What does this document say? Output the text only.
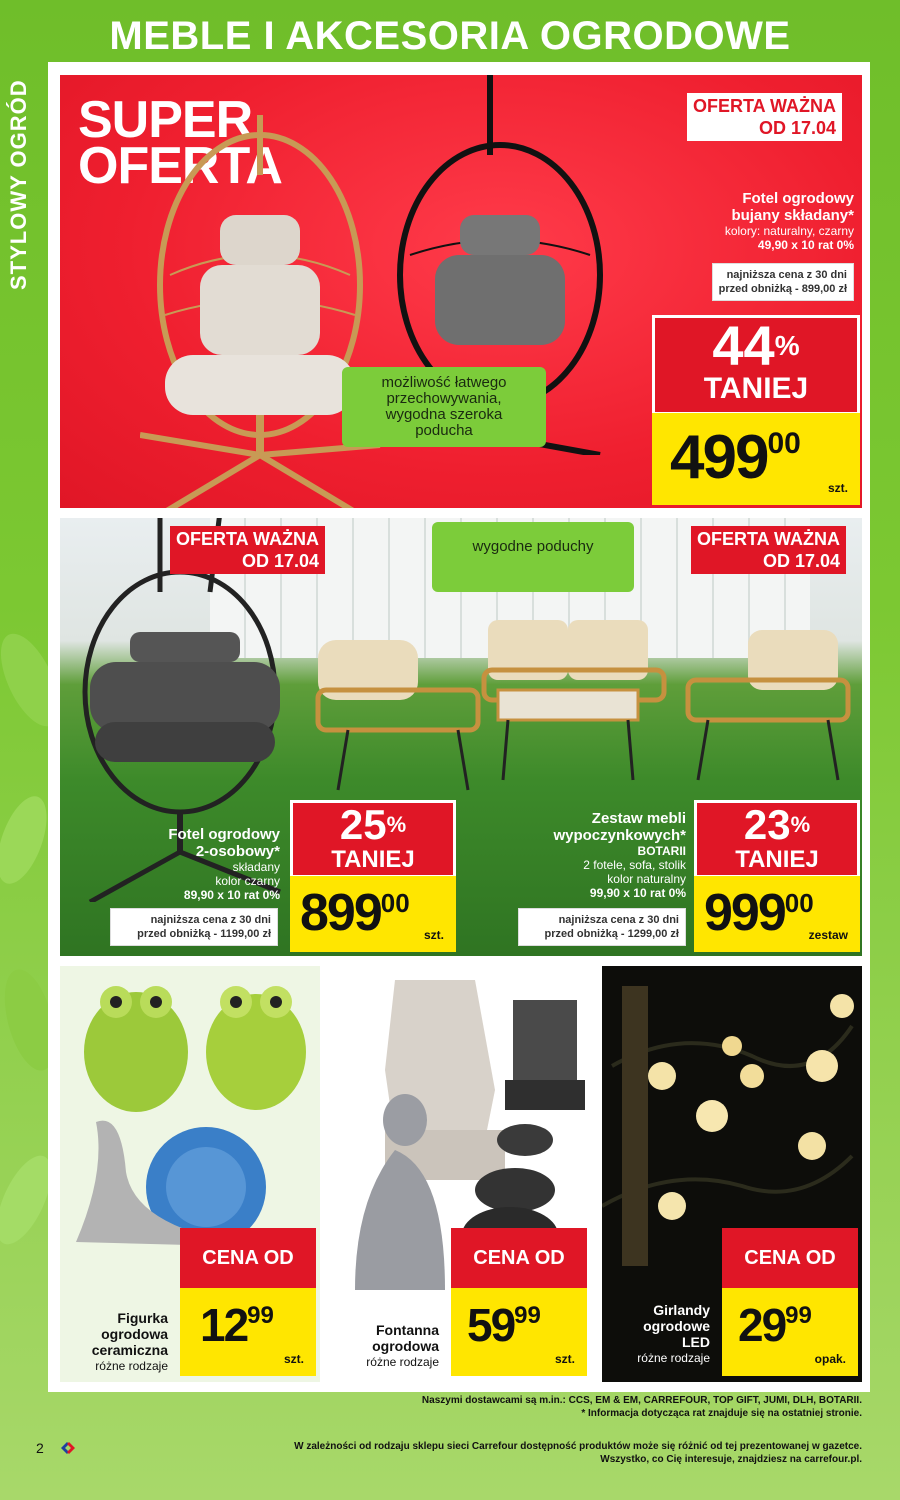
STYLOWY OGRÓD
MEBLE I AKCESORIA OGRODOWE
SUPER
OFERTA
OFERTA WAŻNA
OD 17.04
Fotel ogrodowy
bujany składany*
kolory: naturalny, czarny
49,90 x 10 rat 0%
najniższa cena z 30 dni
przed obniżką - 899,00 zł
możliwość łatwego
przechowywania,
wygodna szeroka
poducha
44%
TANIEJ
49900
szt.
OFERTA WAŻNA
OD 17.04
OFERTA WAŻNA
OD 17.04
wygodne poduchy
Fotel ogrodowy
2-osobowy*
składany
kolor czarny
89,90 x 10 rat 0%
najniższa cena z 30 dni
przed obniżką - 1199,00 zł
25%
TANIEJ
89900
szt.
Zestaw mebli
wypoczynkowych*
BOTARII
2 fotele, sofa, stolik
kolor naturalny
99,90 x 10 rat 0%
najniższa cena z 30 dni
przed obniżką - 1299,00 zł
23%
TANIEJ
99900
zestaw
Figurka
ogrodowa
ceramiczna
różne rodzaje
CENA OD
1299
szt.
Fontanna
ogrodowa
różne rodzaje
CENA OD
5999
szt.
Girlandy
ogrodowe
LED
różne rodzaje
CENA OD
2999
opak.
Naszymi dostawcami są m.in.: CCS, EM & EM, CARREFOUR, TOP GIFT, JUMI, DLH, BOTARII.
* Informacja dotycząca rat znajduje się na ostatniej stronie.
W zależności od rodzaju sklepu sieci Carrefour dostępność produktów może się różnić od tej prezentowanej w gazetce.
Wszystko, co Cię interesuje, znajdziesz na carrefour.pl.
2
